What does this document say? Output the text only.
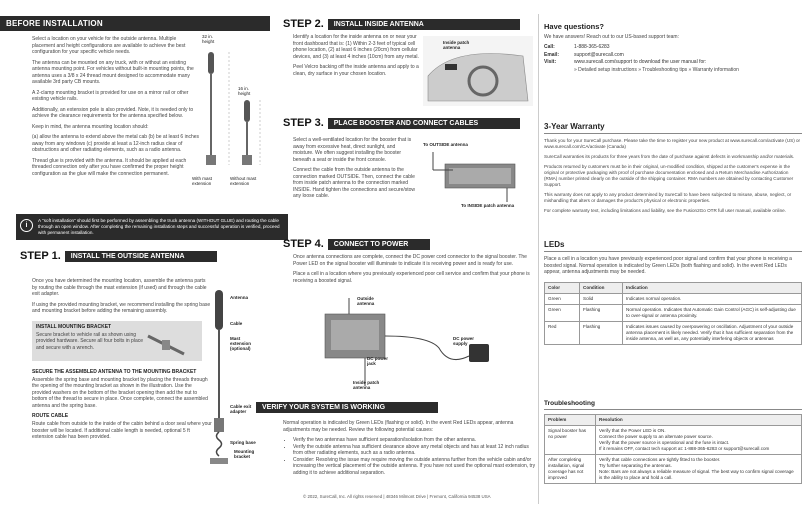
BEFORE INSTALLATION

Select a location on your vehicle for the outside antenna. Multiple placement and height configurations are available to achieve the best configuration for your specific vehicle needs.

The antenna can be mounted on any truck, with or without an existing antenna mounting point. For vehicles without built-in mounting points, the antenna uses a 3/8 x 24 thread mount designed to accommodate many available 3rd party CB mounts.

A 2-clamp mounting bracket is provided for use on a mirror rail or other existing vehicle rails.

Additionally, an extension pole is also provided. Note, it is needed only to achieve the clearance requirements for the antenna specified below.

Keep in mind, the antenna mounting location should:

(a) allow the antenna to extend above the metal cab (b) be at least 6 inches away from any windows (c) provide at least a 12-inch radius clear of obstructions and other radiating elements, such as a radio antenna.

Thread glue is provided with the antenna. It should be applied at each threaded connection only after you have confirmed the proper height configuration as the glue will make the connection permanent.

32 in. height
16 in. height
With mast extension
Without mast extension
i
A "soft installation" should first be performed by assembling the truck antenna (WITHOUT GLUE) and routing the cable through an open window. After completing the remaining installation steps and successful operation is verified, proceed with permanent installation.
STEP 1.	INSTALL THE OUTSIDE ANTENNA

Once you have determined the mounting location, assemble the antenna parts by routing the cable through the mast extension (if used) and through the cable exit adapter.

If using the provided mounting bracket, we recommend installing the spring base and mounting bracket before adding the remaining assembly.

INSTALL MOUNTING BRACKET

Secure bracket to vehicle rail as shown using provided hardware. Secure all four bolts in place and secure with a wrench.

SECURE THE ASSEMBLED ANTENNA TO THE MOUNTING BRACKET

Assemble the spring base and mounting bracket by placing the threads through the opening of the mounting bracket as shown in the illustration. Use the provided washers on the bottom of the bracket opening then add the nut to bottom of the thread to secure in place. Once complete, connect the assembled antenna and the spring base.

ROUTE CABLE

Route cable from outside to the inside of the cabin behind a door seal where your booster will be located. If additional cable length is needed, optional 5 ft extension cable has been provided.

Antenna
Cable
Mast extension (optional)
Cable exit adapter
Spring base
Mounting bracket
STEP 2.	INSTALL INSIDE ANTENNA

Identify a location for the inside antenna on or near your front dashboard that is: (1) Within 2-3 feet of typical cell phone location, (2) at least 6 inches (20cm) from cellular devices, and (3) at least 4 inches (10cm) from any metal.

Peel Velcro backing off the inside antenna and apply to a clean, dry surface in your chosen location.

Inside patch antenna
STEP 3.	PLACE BOOSTER AND CONNECT CABLES

Select a well-ventilated location for the booster that is away from excessive heat, direct sunlight, and moisture. We often suggest installing the booster beneath a seat or inside the front console.

Connect the cable from the outside antenna to the connection marked OUTSIDE. Then, connect the cable from inside patch antenna to the connection marked INSIDE. Hand tighten the connections and secure/stow any loose cable.

To OUTSIDE antenna
To INSIDE patch antenna
STEP 4.	CONNECT TO POWER

Once antenna connections are complete, connect the DC power cord connector to the signal booster. The Power LED on the signal booster will illuminate to indicate it is receiving power and is ready for use.

Place a cell in a location where you previously experienced poor cell service and confirm that your phone is receiving a boosted signal.

Outside antenna
DC power supply
DC power jack
Inside patch antenna
VERIFY YOUR SYSTEM IS WORKING

Normal operation is indicated by Green LEDs (flashing or solid). In the event Red LEDs appear, antenna adjustments may be needed. Review the following potential causes:

• Verify the two antennas have sufficient separation/isolation from the other antenna.
• Verify the outside antenna has sufficient clearance above any metal objects and has at least 12 inch radius from other radiating elements, such as a radio antenna.
• Consider: Resolving the issue may require moving the outside antenna further from the vehicle cabin and/or increasing the vertical placement of the outside antenna. If you have not used the optional mast extension, try adding it to achieve additional separation.
© 2022, SureCall, Inc. All rights reserved | 48346 Milmont Drive | Fremont, California 94538 USA
Have questions?
We have answers! Reach out to our US-based support team:
Call:	1-888-365-6283
Email:	support@surecall.com
Visit:	www.surecall.com/support to download the user manual for:
» Detailed setup instructions » Troubleshooting tips » Warranty information
3-Year Warranty

Thank you for your SureCall purchase. Please take the time to register your new product at www.surecall.com/activate (US) or www.surecall.com/CA/activate (Canada)

SureCall warranties its products for three years from the date of purchase against defects in workmanship and/or materials.

Products returned by customers must be in their original, un-modified condition, shipped at the customer's expense in the original or protective packaging with proof of purchase documentation enclosed and a Return Merchandise Authorization (RMA) number printed clearly on the outside of the shipping container. RMA numbers are obtained by contacting Customer Support.

This warranty does not apply to any product determined by SureCall to have been subjected to misuse, abuse, neglect, or mishandling that alters or damages the product's physical or electronic properties.

For complete warranty text, including limitations and liability, see the Fusion2Go OTR full user manual, available online.

LEDs

Place a cell in a location you have previously experienced poor signal and confirm that your phone is receiving a boosted signal. Normal operation is indicated by Green LEDs (both flashing and solid). In the event Red LEDs appear, antenna adjustments may be needed.

Color	Condition	Indication
Green	Solid	Indicates normal operation.
Green	Flashing	Normal operation. Indicates that Automatic Gain Control (AGC) is self-adjusting due to over-signal or antenna proximity.
Red	Flashing	Indicates issues caused by overpowering or oscillation. Adjustment of your outside antenna placement is likely needed. Verify that it has sufficient separation from the inside antenna, as well as, any potentially interfering objects or antennas
Troubleshooting
Problem	Resolution
Signal booster has no power	Verify that the Power LED is ON.
Connect the power supply to an alternate power source.
Verify that the power source is operational and the fuse is intact.
If it remains OFF, contact tech support at: 1-888-365-6283 or support@surecall.com
After completing installation, signal coverage has not improved	Verify that cable connections are tightly fitted to the booster.
Try further separating the antennas.
Note: Bars are not always a reliable measure of signal. The best way to confirm signal coverage is the ability to place and hold a call.
